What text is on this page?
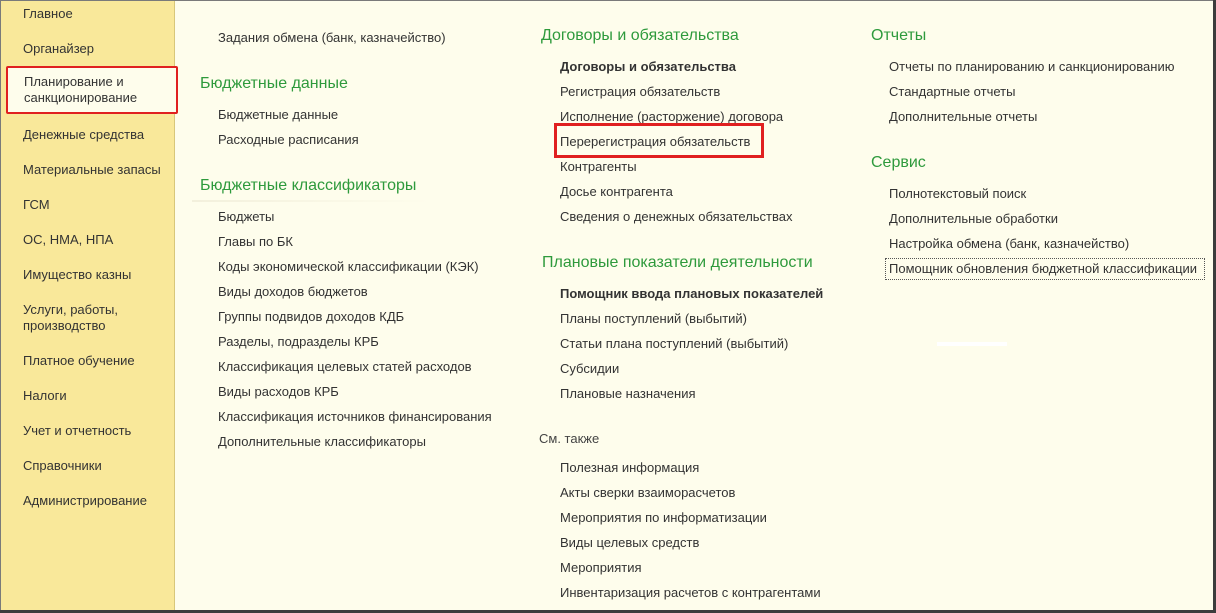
Главное
Органайзер
Планирование и санкционирование
Денежные средства
Материальные запасы
ГСМ
ОС, НМА, НПА
Имущество казны
Услуги, работы, производство
Платное обучение
Налоги
Учет и отчетность
Справочники
Администрирование
Задания обмена (банк, казначейство)
Бюджетные данные
Бюджетные данные
Расходные расписания
Бюджетные классификаторы
Бюджеты
Главы по БК
Коды экономической классификации (КЭК)
Виды доходов бюджетов
Группы подвидов доходов КДБ
Разделы, подразделы КРБ
Классификация целевых статей расходов
Виды расходов КРБ
Классификация источников финансирования
Дополнительные классификаторы
Договоры и обязательства
Договоры и обязательства
Регистрация обязательств
Исполнение (расторжение) договора
Перерегистрация обязательств
Контрагенты
Досье контрагента
Сведения о денежных обязательствах
Плановые показатели деятельности
Помощник ввода плановых показателей
Планы поступлений (выбытий)
Статьи плана поступлений (выбытий)
Субсидии
Плановые назначения
См. также
Полезная информация
Акты сверки взаиморасчетов
Мероприятия по информатизации
Виды целевых средств
Мероприятия
Инвентаризация расчетов с контрагентами
Отчеты
Отчеты по планированию и санкционированию
Стандартные отчеты
Дополнительные отчеты
Сервис
Полнотекстовый поиск
Дополнительные обработки
Настройка обмена (банк, казначейство)
Помощник обновления бюджетной классификации
